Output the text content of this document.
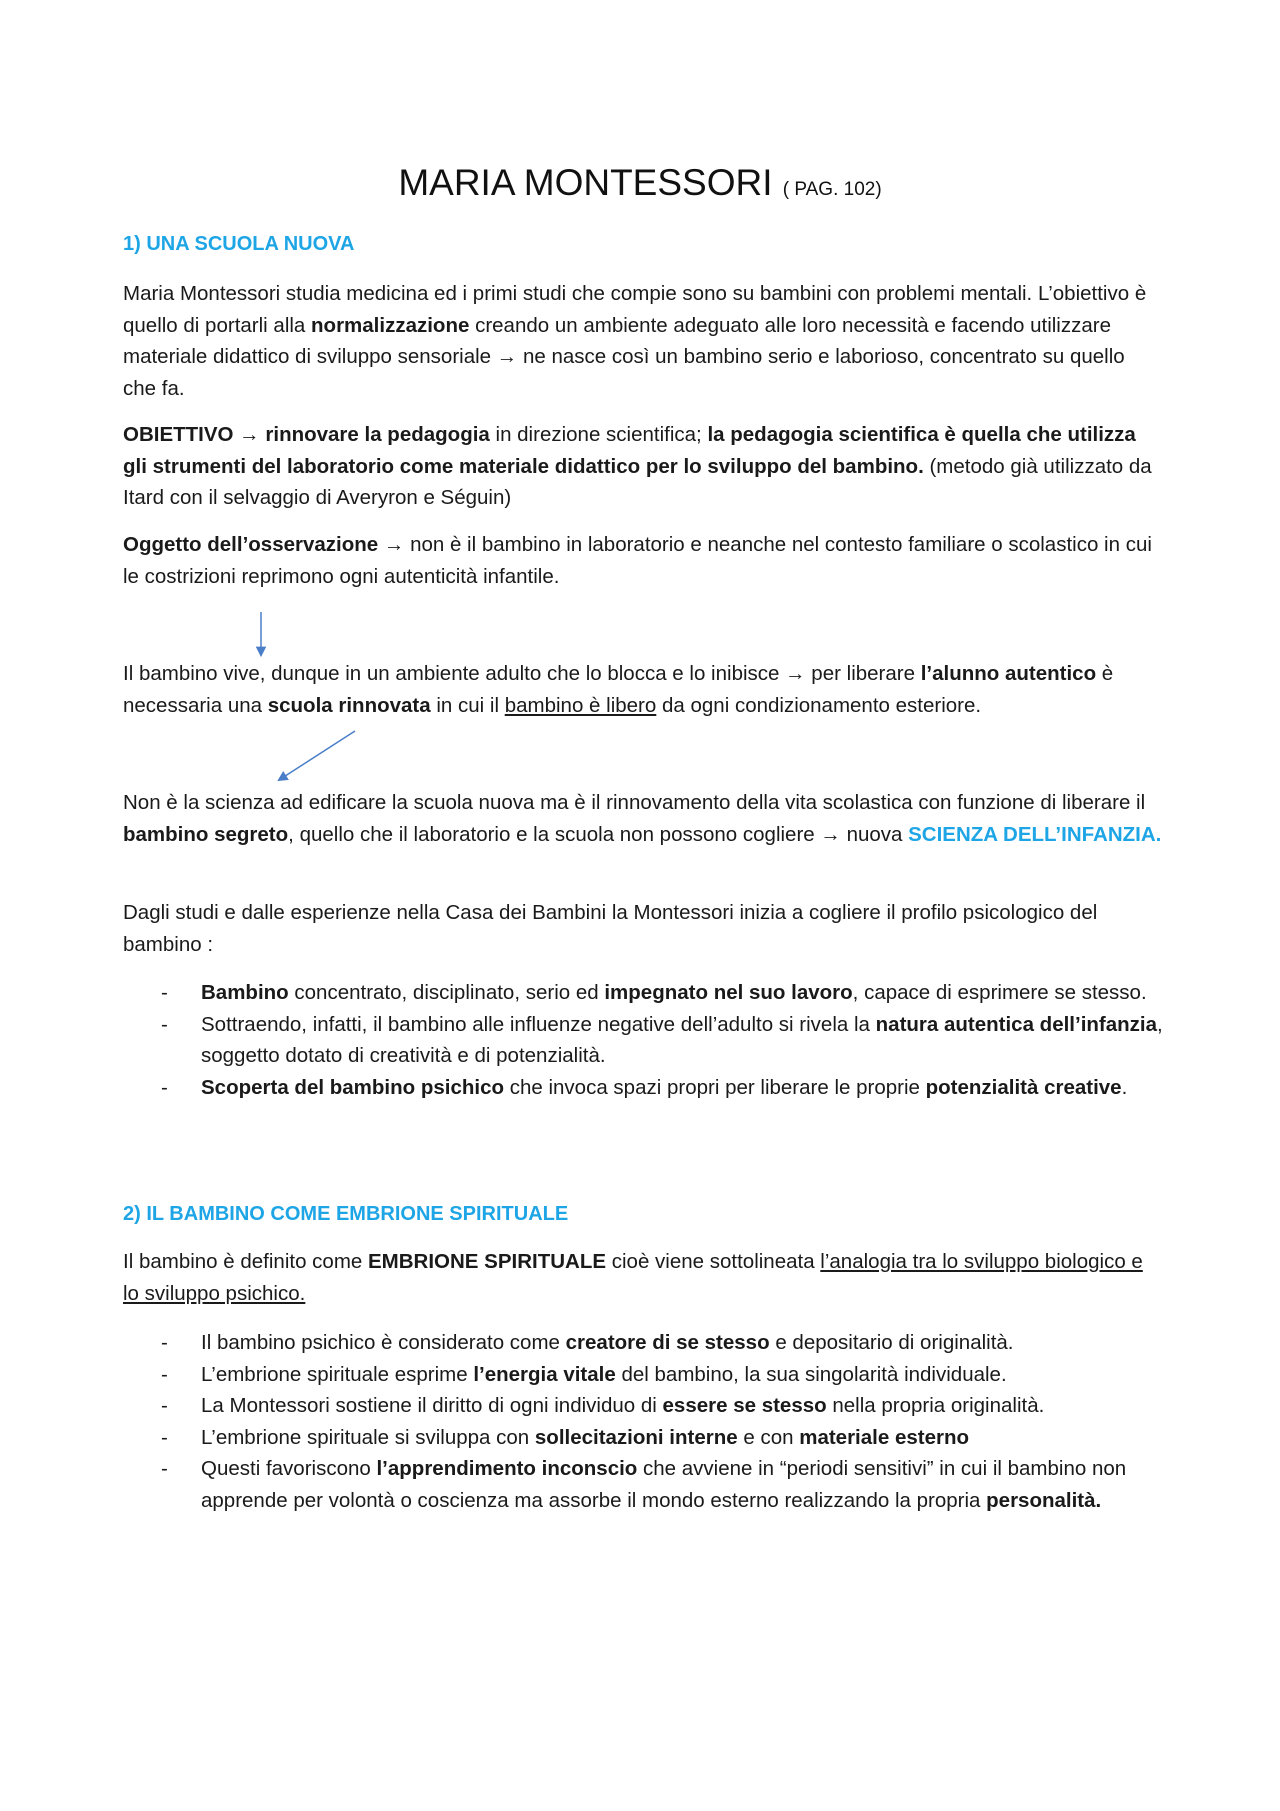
MARIA MONTESSORI ( PAG. 102)
1) UNA SCUOLA NUOVA

Maria Montessori studia medicina ed i primi studi che compie sono su bambini con problemi mentali. L’obiettivo è quello di portarli alla normalizzazione creando un ambiente adeguato alle loro necessità e facendo utilizzare materiale didattico di sviluppo sensoriale → ne nasce così un bambino serio e laborioso, concentrato su quello che fa.

OBIETTIVO → rinnovare la pedagogia in direzione scientifica; la pedagogia scientifica è quella che utilizza gli strumenti del laboratorio come materiale didattico per lo sviluppo del bambino. (metodo già utilizzato da Itard con il selvaggio di Averyron e Séguin)

Oggetto dell’osservazione → non è il bambino in laboratorio e neanche nel contesto familiare o scolastico in cui le costrizioni reprimono ogni autenticità infantile.

Il bambino vive, dunque in un ambiente adulto che lo blocca e lo inibisce → per liberare l’alunno autentico è necessaria una scuola rinnovata in cui il bambino è libero da ogni condizionamento esteriore.

Non è la scienza ad edificare la scuola nuova ma è il rinnovamento della vita scolastica con funzione di liberare il bambino segreto, quello che il laboratorio e la scuola non possono cogliere → nuova SCIENZA DELL’INFANZIA.

Dagli studi e dalle esperienze nella Casa dei Bambini la Montessori inizia a cogliere il profilo psicologico del bambino :

- Bambino concentrato, disciplinato, serio ed impegnato nel suo lavoro, capace di esprimere se stesso.
- Sottraendo, infatti, il bambino alle influenze negative dell’adulto si rivela la natura autentica dell’infanzia, soggetto dotato di creatività e di potenzialità.
- Scoperta del bambino psichico che invoca spazi propri per liberare le proprie potenzialità creative.
2) IL BAMBINO COME EMBRIONE SPIRITUALE

Il bambino è definito come EMBRIONE SPIRITUALE cioè viene sottolineata l’analogia tra lo sviluppo biologico e lo sviluppo psichico.

- Il bambino psichico è considerato come creatore di se stesso e depositario di originalità.
- L’embrione spirituale esprime l’energia vitale del bambino, la sua singolarità individuale.
- La Montessori sostiene il diritto di ogni individuo di essere se stesso nella propria originalità.
- L’embrione spirituale si sviluppa con sollecitazioni interne e con materiale esterno
- Questi favoriscono l’apprendimento inconscio che avviene in “periodi sensitivi” in cui il bambino non apprende per volontà o coscienza ma assorbe il mondo esterno realizzando la propria personalità.
